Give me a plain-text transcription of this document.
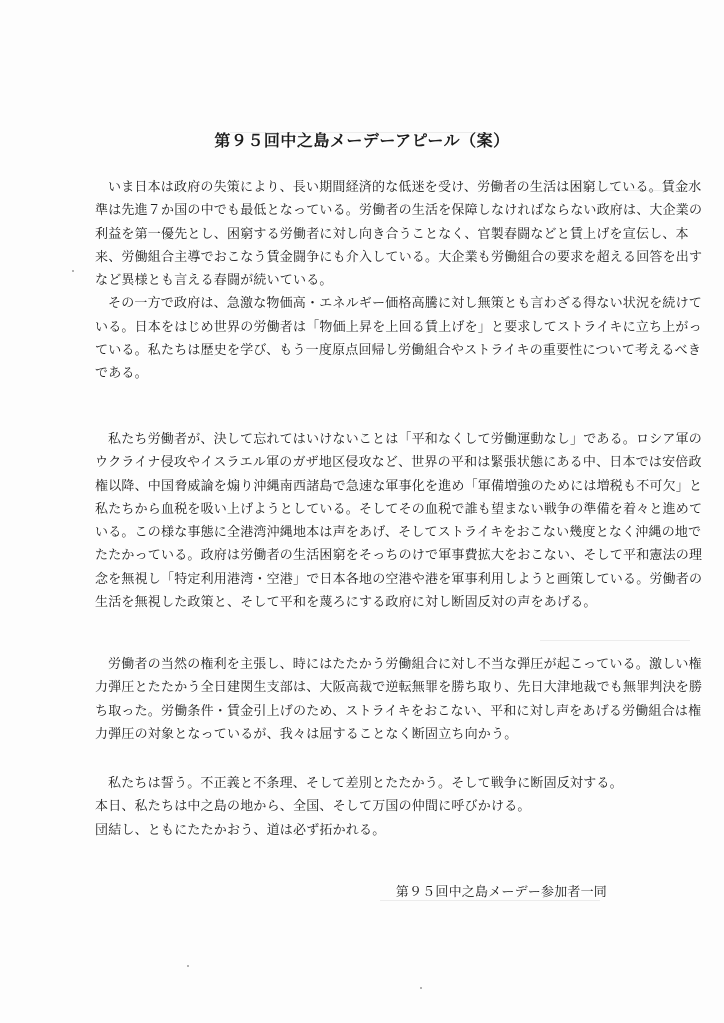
第９５回中之島メーデーアピール（案）

いま日本は政府の失策により、長い期間経済的な低迷を受け、労働者の生活は困窮している。賃金水準は先進７か国の中でも最低となっている。労働者の生活を保障しなければならない政府は、大企業の利益を第一優先とし、困窮する労働者に対し向き合うことなく、官製春闘などと賃上げを宣伝し、本来、労働組合主導でおこなう賃金闘争にも介入している。大企業も労働組合の要求を超える回答を出すなど異様とも言える春闘が続いている。

その一方で政府は、急激な物価高・エネルギー価格高騰に対し無策とも言わざる得ない状況を続けている。日本をはじめ世界の労働者は「物価上昇を上回る賃上げを」と要求してストライキに立ち上がっている。私たちは歴史を学び、もう一度原点回帰し労働組合やストライキの重要性について考えるべきである。

私たち労働者が、決して忘れてはいけないことは「平和なくして労働運動なし」である。ロシア軍のウクライナ侵攻やイスラエル軍のガザ地区侵攻など、世界の平和は緊張状態にある中、日本では安倍政権以降、中国脅威論を煽り沖縄南西諸島で急速な軍事化を進め「軍備増強のためには増税も不可欠」と私たちから血税を吸い上げようとしている。そしてその血税で誰も望まない戦争の準備を着々と進めている。この様な事態に全港湾沖縄地本は声をあげ、そしてストライキをおこない幾度となく沖縄の地でたたかっている。政府は労働者の生活困窮をそっちのけで軍事費拡大をおこない、そして平和憲法の理念を無視し「特定利用港湾・空港」で日本各地の空港や港を軍事利用しようと画策している。労働者の生活を無視した政策と、そして平和を蔑ろにする政府に対し断固反対の声をあげる。

労働者の当然の権利を主張し、時にはたたかう労働組合に対し不当な弾圧が起こっている。激しい権力弾圧とたたかう全日建関生支部は、大阪高裁で逆転無罪を勝ち取り、先日大津地裁でも無罪判決を勝ち取った。労働条件・賃金引上げのため、ストライキをおこない、平和に対し声をあげる労働組合は権力弾圧の対象となっているが、我々は屈することなく断固立ち向かう。

私たちは誓う。不正義と不条理、そして差別とたたかう。そして戦争に断固反対する。

本日、私たちは中之島の地から、全国、そして万国の仲間に呼びかける。

団結し、ともにたたかおう、道は必ず拓かれる。

第９５回中之島メーデー参加者一同
